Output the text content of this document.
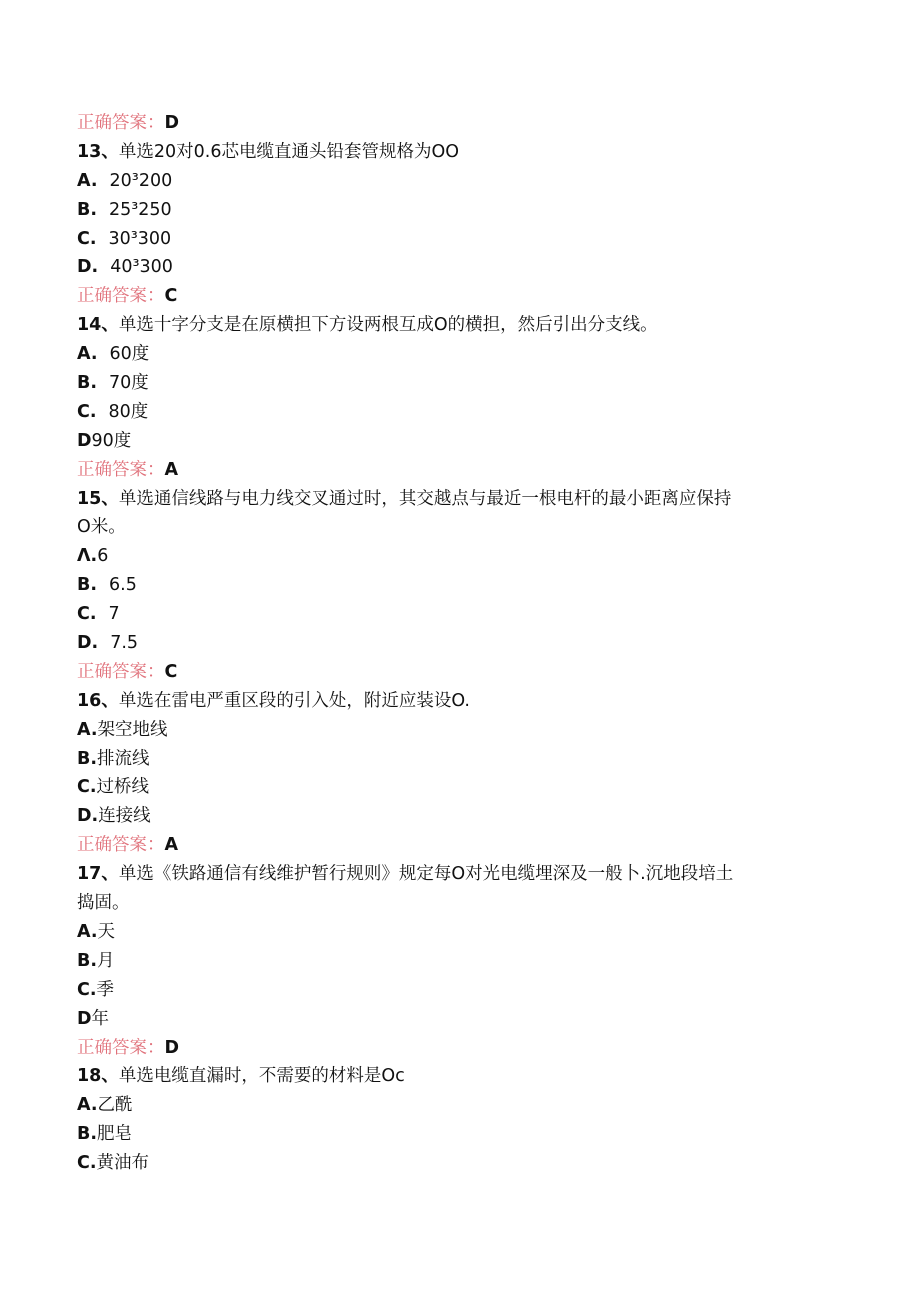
正确答案：D
13、单选20对0.6芯电缆直通头铅套管规格为OO
A. 20³200
B. 25³250
C. 30³300
D. 40³300
正确答案：C
14、单选十字分支是在原横担下方设两根互成O的横担，然后引出分支线。
A. 60度
B. 70度
C. 80度
D90度
正确答案：A
15、单选通信线路与电力线交叉通过时，其交越点与最近一根电杆的最小距离应保持
O米。
Λ.6
B. 6.5
C. 7
D. 7.5
正确答案：C
16、单选在雷电严重区段的引入处，附近应装设O.
A.架空地线
B.排流线
C.过桥线
D.连接线
正确答案：A
17、单选《铁路通信有线维护暂行规则》规定每O对光电缆埋深及一般卜.沉地段培土
捣固。
A.天
B.月
C.季
D年
正确答案：D
18、单选电缆直漏时，不需要的材料是Oc
A.乙酰
B.肥皂
C.黄油布
